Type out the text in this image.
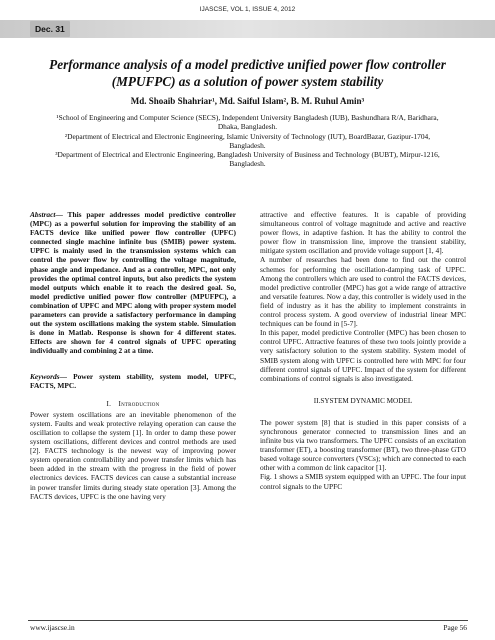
IJASCSE, VOL 1, ISSUE 4, 2012
Dec. 31
Performance analysis of a model predictive unified power flow controller (MPUFPC) as a solution of power system stability
Md. Shoaib Shahriar¹, Md. Saiful Islam², B. M. Ruhul Amin³

¹School of Engineering and Computer Science (SECS), Independent University Bangladesh (IUB), Bashundhara R/A, Baridhara, Dhaka, Bangladesh.

²Department of Electrical and Electronic Engineering, Islamic University of Technology (IUT), BoardBazar, Gazipur-1704, Bangladesh.

³Department of Electrical and Electronic Engineering, Bangladesh University of Business and Technology (BUBT), Mirpur-1216, Bangladesh.

Abstract— This paper addresses model predictive controller (MPC) as a powerful solution for improving the stability of an FACTS device like unified power flow controller (UPFC) connected single machine infinite bus (SMIB) power system. UPFC is mainly used in the transmission systems which can control the power flow by controlling the voltage magnitude, phase angle and impedance. And as a controller, MPC, not only provides the optimal control inputs, but also predicts the system model outputs which enable it to reach the desired goal. So, model predictive unified power flow controller (MPUFPC), a combination of UPFC and MPC along with proper system model parameters can provide a satisfactory performance in damping out the system oscillations making the system stable. Simulation is done in Matlab. Response is shown for 4 different states. Effects are shown for 4 control signals of UPFC operating individually and combining 2 at a time.

Keywords— Power system stability, system model, UPFC, FACTS, MPC.

I. Introduction

Power system oscillations are an inevitable phenomenon of the system. Faults and weak protective relaying operation can cause the oscillation to collapse the system [1]. In order to damp these power system oscillations, different devices and control methods are used [2]. FACTS technology is the newest way of improving power system operation controllability and power transfer limits which has been added in the stream with the progress in the field of power electronics devices. FACTS devices can cause a substantial increase in power transfer limits during steady state operation [3]. Among the FACTS devices, UPFC is the one having very

attractive and effective features. It is capable of providing simultaneous control of voltage magnitude and active and reactive power flows, in adaptive fashion. It has the ability to control the power flow in transmission line, improve the transient stability, mitigate system oscillation and provide voltage support [1, 4].

A number of researches had been done to find out the control schemes for performing the oscillation-damping task of UPFC. Among the controllers which are used to control the FACTS devices, model predictive controller (MPC) has got a wide range of attractive and versatile features. Now a day, this controller is widely used in the field of industry as it has the ability to implement constraints in control process system. A good overview of industrial linear MPC techniques can be found in [5-7].

In this paper, model predictive Controller (MPC) has been chosen to control UPFC. Attractive features of these two tools jointly provide a very satisfactory solution to the system stability. System model of SMIB system along with UPFC is controlled here with MPC for four different control signals of UPFC. Impact of the system for different combinations of control signals is also investigated.

II.SYSTEM DYNAMIC MODEL

The power system [8] that is studied in this paper consists of a synchronous generator connected to transmission lines and an infinite bus via two transformers. The UPFC consists of an excitation transformer (ET), a boosting transformer (BT), two three-phase GTO based voltage source converters (VSCs); which are connected to each other with a common dc link capacitor [1].

Fig. 1 shows a SMIB system equipped with an UPFC. The four input control signals to the UPFC

www.ijascse.in	Page 56
